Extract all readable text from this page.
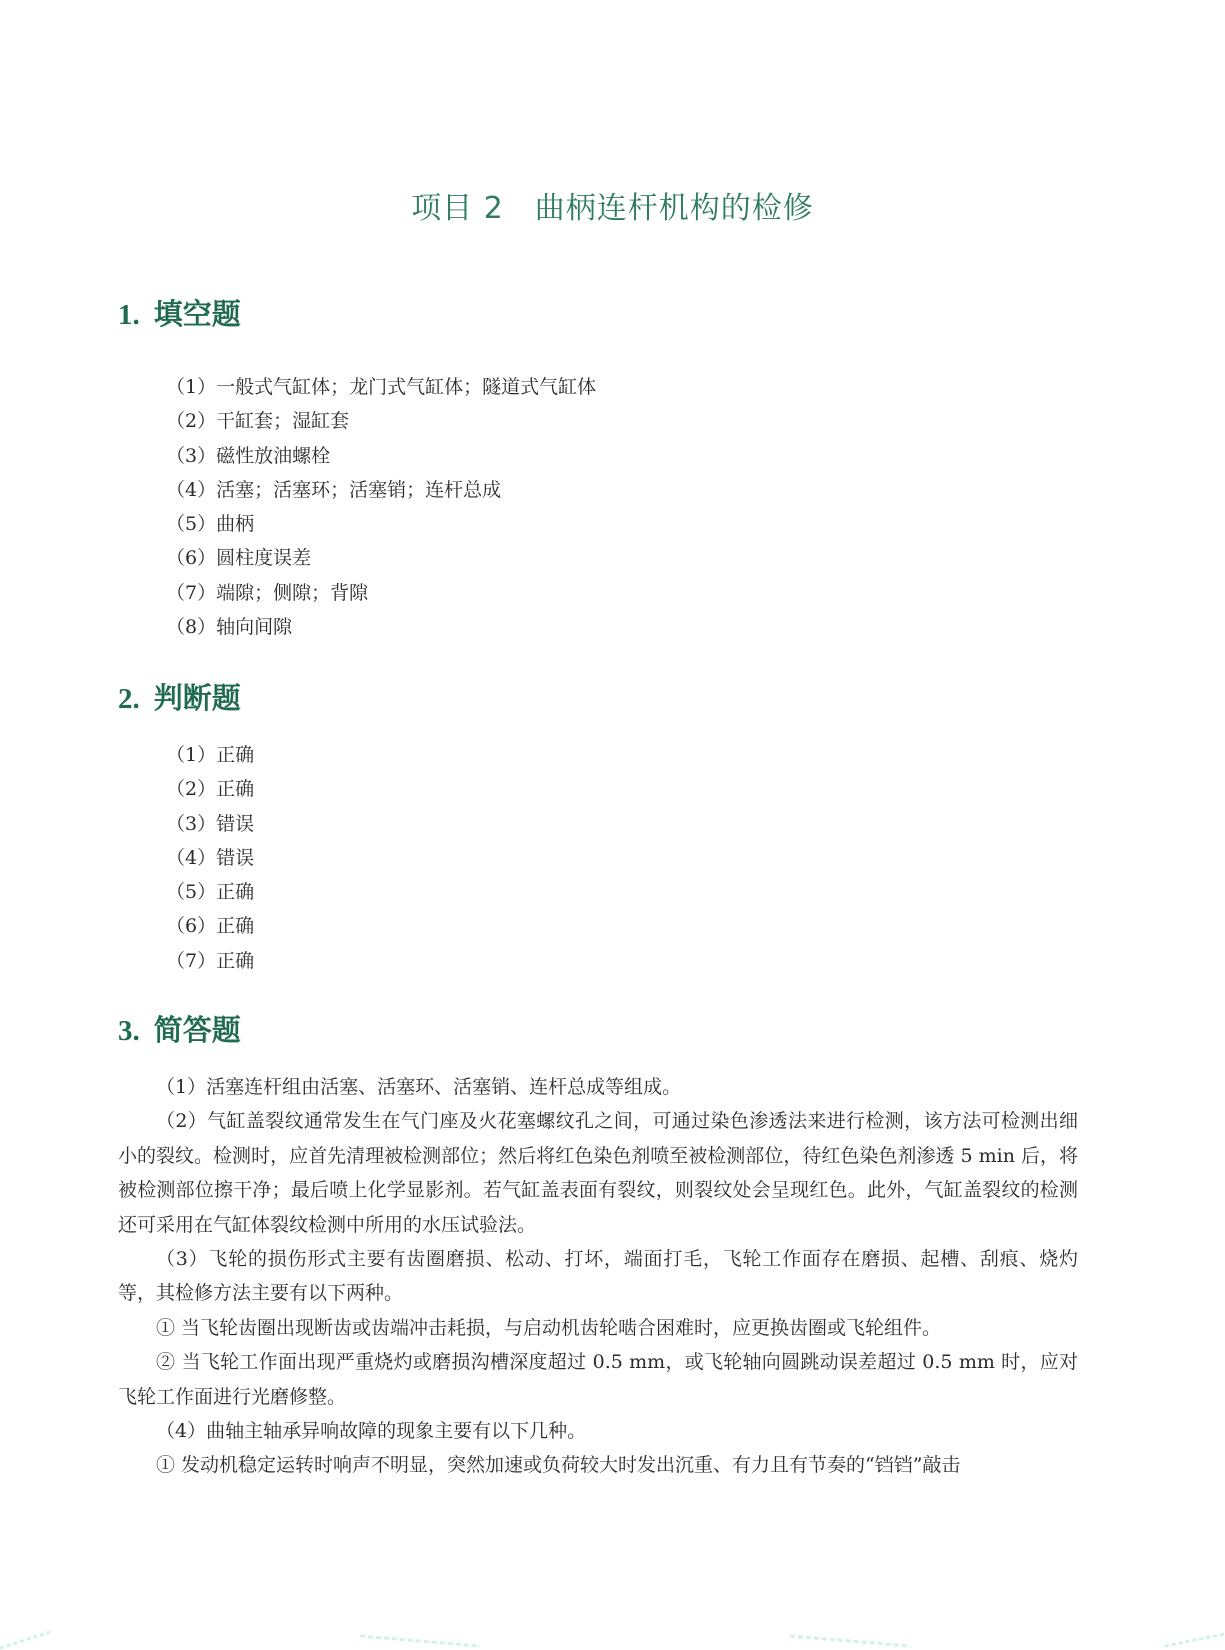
项目 2　曲柄连杆机构的检修
1. 填空题
（1）一般式气缸体；龙门式气缸体；隧道式气缸体
（2）干缸套；湿缸套
（3）磁性放油螺栓
（4）活塞；活塞环；活塞销；连杆总成
（5）曲柄
（6）圆柱度误差
（7）端隙；侧隙；背隙
（8）轴向间隙
2. 判断题
（1）正确
（2）正确
（3）错误
（4）错误
（5）正确
（6）正确
（7）正确
3. 简答题

（1）活塞连杆组由活塞、活塞环、活塞销、连杆总成等组成。

（2）气缸盖裂纹通常发生在气门座及火花塞螺纹孔之间，可通过染色渗透法来进行检测，该方法可检测出细小的裂纹。检测时，应首先清理被检测部位；然后将红色染色剂喷至被检测部位，待红色染色剂渗透 5 min 后，将被检测部位擦干净；最后喷上化学显影剂。若气缸盖表面有裂纹，则裂纹处会呈现红色。此外，气缸盖裂纹的检测还可采用在气缸体裂纹检测中所用的水压试验法。

（3）飞轮的损伤形式主要有齿圈磨损、松动、打坏，端面打毛，飞轮工作面存在磨损、起槽、刮痕、烧灼等，其检修方法主要有以下两种。

① 当飞轮齿圈出现断齿或齿端冲击耗损，与启动机齿轮啮合困难时，应更换齿圈或飞轮组件。

② 当飞轮工作面出现严重烧灼或磨损沟槽深度超过 0.5 mm，或飞轮轴向圆跳动误差超过 0.5 mm 时，应对飞轮工作面进行光磨修整。

（4）曲轴主轴承异响故障的现象主要有以下几种。

① 发动机稳定运转时响声不明显，突然加速或负荷较大时发出沉重、有力且有节奏的“铛铛”敲击
